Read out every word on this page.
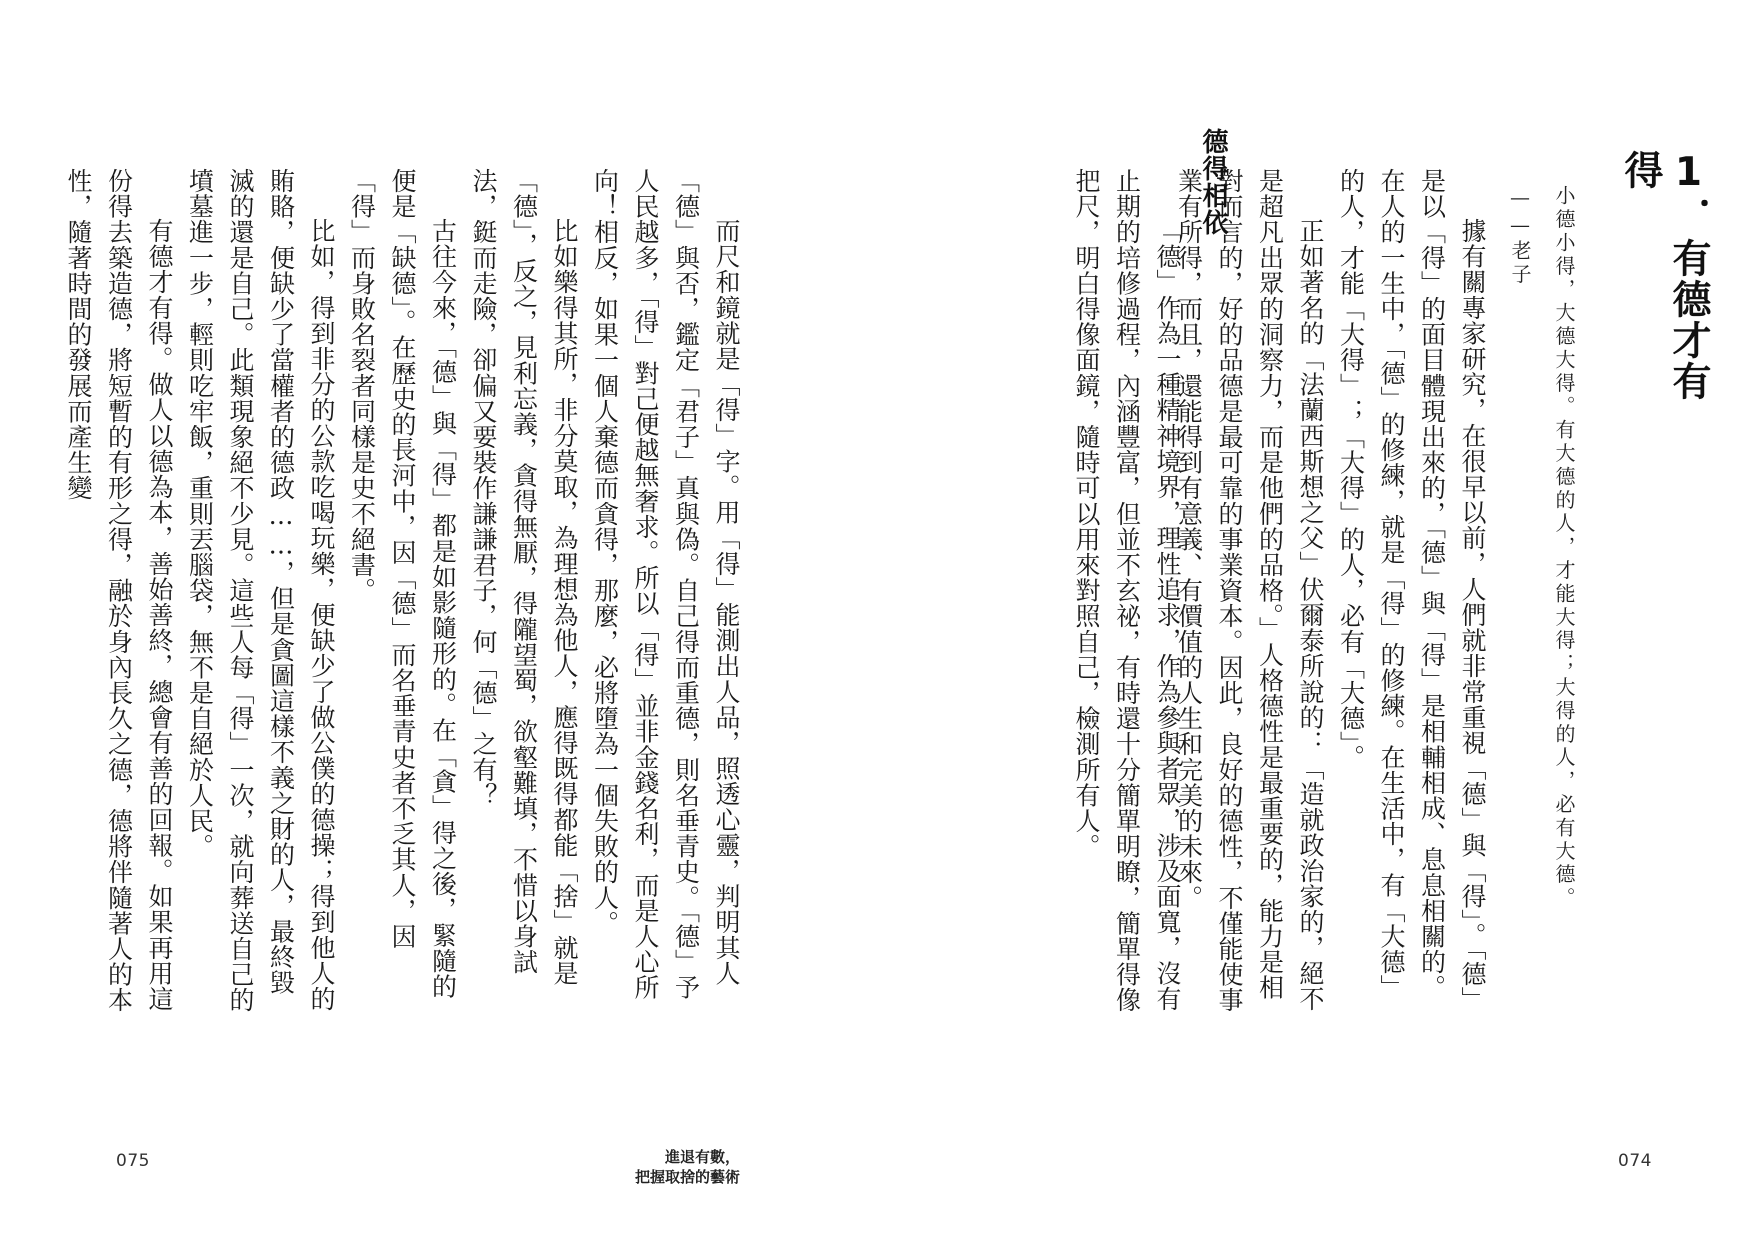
而尺和鏡就是「得」字。用「得」能測出人品，照透心靈，判明其人「德」與否，鑑定「君子」真與偽。自己得而重德，則名垂青史。「德」予人民越多，「得」對己便越無奢求。所以「得」並非金錢名利，而是人心所向！相反，如果一個人棄德而貪得，那麼，必將墮為一個失敗的人。

比如樂得其所，非分莫取，為理想為他人，應得既得都能「捨」就是「德」，反之，見利忘義，貪得無厭，得隴望蜀，欲壑難填，不惜以身試法，鋌而走險，卻偏又要裝作謙謙君子，何「德」之有？

古往今來，「德」與「得」都是如影隨形的。在「貪」得之後，緊隨的便是「缺德」。在歷史的長河中，因「德」而名垂青史者不乏其人，因「得」而身敗名裂者同樣是史不絕書。

比如，得到非分的公款吃喝玩樂，便缺少了做公僕的德操；得到他人的賄賂，便缺少了當權者的德政……，但是貪圖這樣不義之財的人，最終毀滅的還是自己。此類現象絕不少見。這些人每「得」一次，就向葬送自己的墳墓進一步，輕則吃牢飯，重則丟腦袋，無不是自絕於人民。

有德才有得。做人以德為本，善始善終，總會有善的回報。如果再用這份得去築造德，將短暫的有形之得，融於身內長久之德，德將伴隨著人的本性，隨著時間的發展而產生變	1．有德才有得
小德小得，大德大得。有大德的人，才能大得；大得的人，必有大德。——老子

據有關專家研究，在很早以前，人們就非常重視「德」與「得」。「德」是以「得」的面目體現出來的，「德」與「得」是相輔相成、息息相關的。在人的一生中，「德」的修練，就是「得」的修練。在生活中，有「大德」的人，才能「大得」；「大得」的人，必有「大德」。

正如著名的「法蘭西斯想之父」伏爾泰所說的：「造就政治家的，絕不是超凡出眾的洞察力，而是他們的品格。」人格德性是最重要的，能力是相對而言的，好的品德是最可靠的事業資本。因此，良好的德性，不僅能使事業有所得，而且，還能得到有意義、有價值的人生和完美的未來。

德得相依

「德」作為一種精神境界，理性追求，作為參與者眾，涉及面寬，沒有止期的培修過程，內涵豐富，但並不玄祕，有時還十分簡單明瞭，簡單得像把尺，明白得像面鏡，隨時可以用來對照自己，檢測所有人。

075	進退有數，
把握取捨的藝術
074
